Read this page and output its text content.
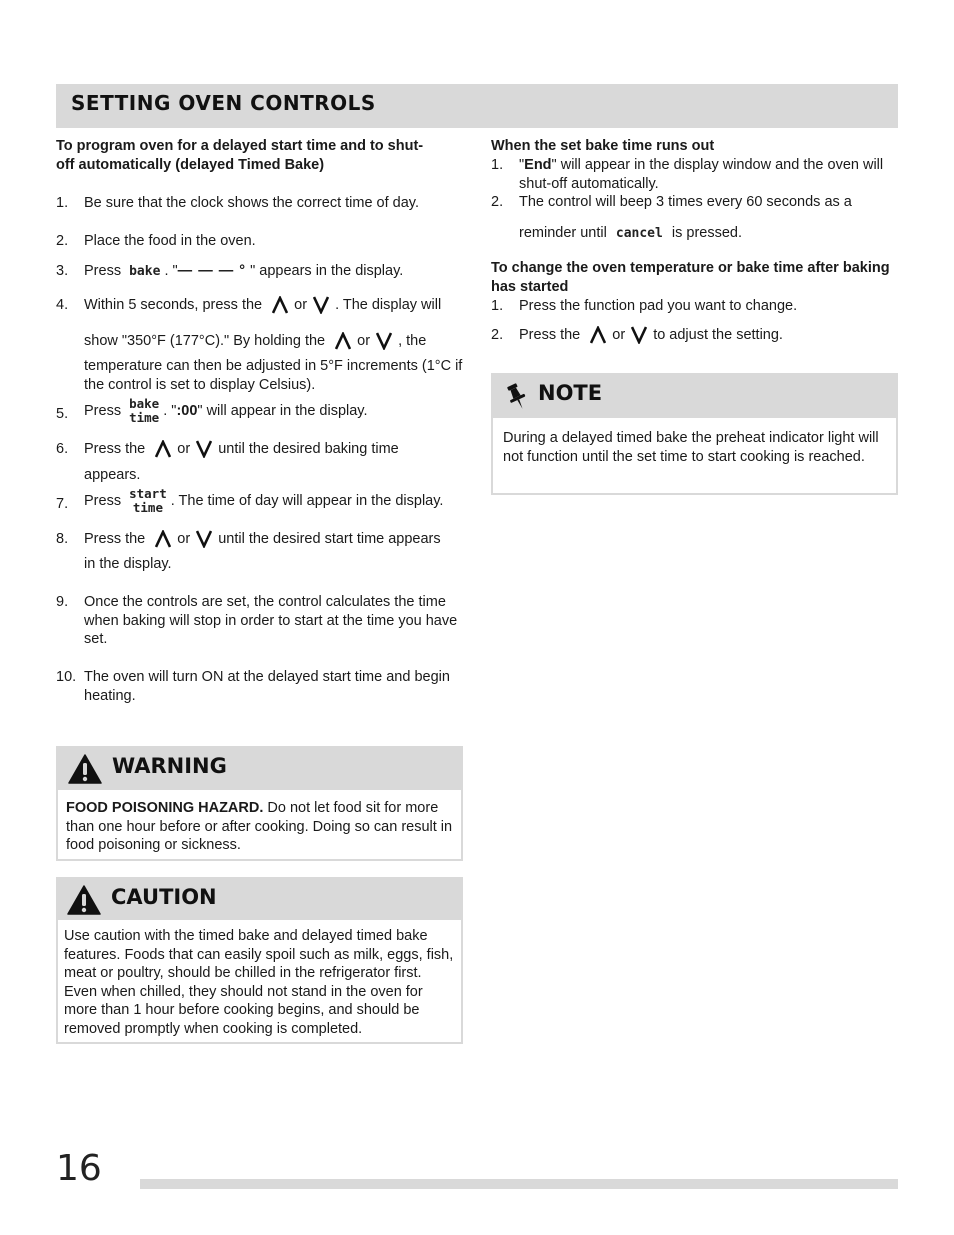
SETTING OVEN CONTROLS
To program oven for a delayed start time and to shut-off automatically (delayed Timed Bake)
1. Be sure that the clock shows the correct time of day.
2. Place the food in the oven.
3. Press bake . "— — — ° " appears in the display.
4. Within 5 seconds, press the or . The display will
show "350°F (177°C)." By holding the or , the
temperature can then be adjusted in 5°F increments (1°C if the control is set to display Celsius).
5. Press bake
time . ":00" will appear in the display.
6. Press the or until the desired baking time
appears.
7. Press start
time . The time of day will appear in the display.
8. Press the or until the desired start time appears
in the display.
9. Once the controls are set, the control calculates the time when baking will stop in order to start at the time you have set.
10. The oven will turn ON at the delayed start time and begin heating.
WARNING
FOOD POISONING HAZARD. Do not let food sit for more than one hour before or after cooking. Doing so can result in food poisoning or sickness.
CAUTION
Use caution with the timed bake and delayed timed bake features. Foods that can easily spoil such as milk, eggs, fish, meat or poultry, should be chilled in the refrigerator first. Even when chilled, they should not stand in the oven for more than 1 hour before cooking begins, and should be removed promptly when cooking is completed.
When the set bake time runs out
1. "End" will appear in the display window and the oven will shut-off automatically.
2. The control will beep 3 times every 60 seconds as a
reminder until cancel is pressed.
To change the oven temperature or bake time after baking has started
1. Press the function pad you want to change.
2. Press the or to adjust the setting.
NOTE
During a delayed timed bake the preheat indicator light will not function until the set time to start cooking is reached.
16
